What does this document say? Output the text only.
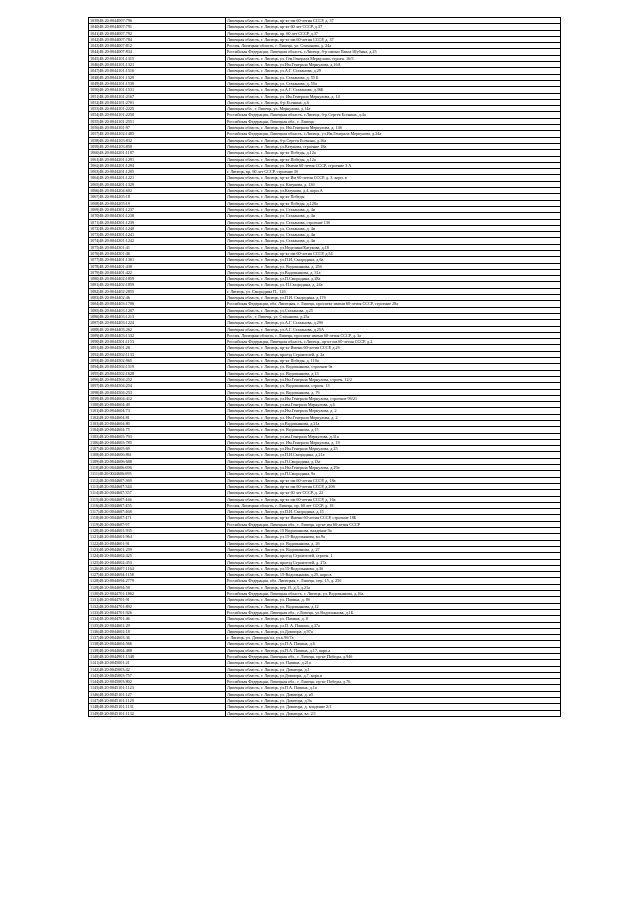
1039|48:20:0044007:796	Липецкая область, г. Липецк, пр-кт им 60-летия СССР, д. 37
1040|48:20:0044007:791	Липецкая область, г. Липецк, пр-кт 60 лет СССР, д.37
1041|48:20:0044007:792	Липецкая область, г. Липецк, пр. 60 лет СССР, д.37
1042|48:20:0044007:784	Липецкая область, г. Липецк, пр-кт им 60-летия СССР, д. 37
1043|48:20:0044007:812	Россия, Липецкая область, г. Липецк, ул. Стаханова, д. 24а
1044|48:20:0044007:834	Российская Федерация, Липецкая область, г.Липецк, б-р имени Павла Шубина, д.25
1045|48:20:0044101:1315	Липецкая область, г. Липецк, ул. Ген.Генерала Меркулова, строен. 16/5
1046|48:20:0044101:1321	Липецкая область, г. Липецк, ул.Им.Генерала Меркулова, д.16А
1047|48:20:0044101:1516	Липецкая область, г. Липецк, ул.А.Г. Стаханова, д.29
1048|48:20:0044101:1529	Липецкая область, г. Липецк, ул. Стаханова, д. 55 Б
1049|48:20:0044101:1530	Липецкая область, г. Липецк, ул. Стаханова, д. 55а
1050|48:20:0044101:1531	Липецкая область, г. Липецк, ул.А.Г. Стаханова, д.36Б
1051|48:20:0044101:2167	Липецкая область, г. Липецк, ул. Им.Генерала Меркулова, д. 14
1052|48:20:0044101:2701	Липецкая область, г. Липецк, б-р Есенина, д.6
1053|48:20:0044101:2225	Липецкая обл., г. Липецк, ул. Меркулова, д.14а
1054|48:20:0044101:2250	Российская Федерация, Липецкая область, г.Липецк, б-р Сергея Есенина, д.4а
1055|48:20:0044101:2551	Российская Федерация, Липецкая обл., г. Липецк
1056|48:20:0044101:97	Липецкая область, г. Липецк, ул. Им.Генерала Меркулова, д. 14б
1057|48:20:0044102:1485	Российская Федерация, Липецкая область, г.Липецк, ул.Им.Генерала Меркулова, д.24а
1058|48:20:0044103:832	Липецкая область, г. Липецк, б-р Сергея Есенина, д.16а
1059|48:20:0044103:850	Липецкая область, г. Липецк, ул.Катукова, строение 18а
1060|48:20:0044201:1187	Липецкая область, г. Липецк, пр-кт Победы, д.12а
1061|48:20:0044201:1291	Липецкая область, г. Липецк, пр-кт Победы, д.12а
1062|48:20:0044201:1294	Липецкая область, г. Липецк, ул. Имени 60-летия СССР, строение 3 А
1063|48:20:0044201:1205	г. Липецк, пр. 60 лет СССР, строение 3б
1064|48:20:0044201:1221	Липецкая область, г. Липецк, пр-кт Им 60-летия СССР, д. 3, корп. в
1065|48:20:0044201:1329	Липецкая область, г. Липецк, ул. Катукова, д. 13б
1066|48:20:0044204:602	Липецкая область, г. Липецк, ул.Катукова, д.4, корп.А
1067|48:20:0044205:18	Липецкая область, г. Липецк, пр-кт Победы
1068|48:20:0044205:19	Липецкая область, г. Липецк, пр-кт Победы, д.128а
1069|48:20:0044301:1237	Липецкая область, г. Липецк, ул. Стаханова, д. 4и
1070|48:20:0044301:1238	Липецкая область, г. Липецк, ул. Стаханова, д. 4и
1071|48:20:0044301:1239	Липецкая область, г. Липецк, ул. Стаханова, строение 13б
1072|48:20:0044301:1240	Липецкая область, г. Липецк, ул. Стаханова, д. 4и
1073|48:20:0044301:1241	Липецкая область, г. Липецк, ул. Стаханова, д. 4и
1074|48:20:0044301:1242	Липецкая область, г. Липецк, ул. Стаханова, д. 4и
1075|48:20:0044301:41	Липецкая область, г. Липецк, ул.Неделина/Катукова, д.18
1076|48:20:0044301:46	Липецкая область, г. Липецк, пр-кт им 60-летия СССР, д.54
1077|48:20:0044401:1301	Липецкая область, г. Липецк, ул.П.И. Смородина, д.6а
1078|48:20:0044401:438	Липецкая область, г. Липецк, ул. Водопьянова, д. 25б
1079|48:20:0044401:422	Липецкая область, г. Липецк, ул.Водопьянова, д. 31а
1080|48:20:0044402:1859	Липецкая область, г. Липецк, ул.П.Смородина, д.28а
1081|48:20:0044402:1859	Липецкая область, г. Липецк, ул. П.Смородина, д. 24а
1082|48:20:0044402:2855	г. Липецк, ул. Смородина П., 12б
1083|48:20:0044402:46	Липецкая область, г. Липецк, ул.П.И. Смородина, д.17б
1084|48:20:0044403:1706	Российская Федерация, обл. Липецкая, г. Липецк, проспект имени 60-летия СССР, строение 28а
1085|48:20:0044403:1207	Липецкая область, г. Липецк, ул.Стаханова, д.25
1086|48:20:0044403:1213	Липецкая обл., г. Липецк, ул. Стаханова, д.25а
1087|48:20:0044403:1224	Липецкая область, г. Липецк, ул.А.Г. Стаханова, д.29б
1088|48:20:0044403:262	Липецкая область, г. Липецк, ул.А.Г. Стаханова, д.25А
1089|48:20:0044403:1332	Россия, Липецкая область, г. Липецк, проспект имени 60-летия СССР, д. 3а
1090|48:20:0044501:1153	Российская Федерация, Липецкая область, г.Липецк, пр-кт им.60-летия СССР, д.2
1091|48:20:0044501:26	Липецкая область, г. Липецк, пр-кт Имени 60-летия СССР, д.2б
1092|48:20:0044502:1133	Липецкая область, г. Липецк, проезд Строителей, д. 2а
1093|48:20:0044502:965	Липецкая область, г. Липецк, пр-кт Победы, д. 110а
1094|48:20:0044502:1519	Липецкая область, г. Липецк, ул. Водопьянова, строение 9а
1095|48:20:0044502:1628	Липецкая область, г. Липецк, ул. Водопьянова, д.13
1096|48:20:0044504:252	Липецкая область, г. Липецк, ул.Им.Генерала Меркулова, строен. 12/2
1097|48:20:0044504:254	Липецкая область, г. Липецк, ул. Водопьянова, строен. 13
1098|48:20:0044504:253	Липецкая область, г. Липецк, ул. Водопьянова, д. 7б
1099|48:20:0044604:412	Липецкая область, г. Липецк, ул.Им Генерала Меркулова, строение 9б/21
1100|48:20:0044604:49	Липецкая область, г. Липецк, ул.им.Генерала Меркулова, д.6
1101|48:20:0044604:73	Липецкая область, г. Липецк, ул.Им.Генерала Меркулова, д. 2
1102|48:20:0044604:81	Липецкая область, г. Липецк, ул. Им.Генерала Меркулова, д. 2
1103|48:20:0044604:80	Липецкая область, г. Липецк, ул.Водопьянова, д.21а
1104|48:20:0044604:75	Липецкая область, г. Липецк, ул. Водопьянова, д.15
1105|48:20:0044605:793	Липецкая область, г. Липецк, ул.им.Генерала Меркулова, д.31а
1106|48:20:0044605:785	Липецкая область, г. Липецк, ул. Им.Генерала Меркулова, д. 19
1107|48:20:0044605:69	Липецкая область, г. Липецк, ул.Им.Генерала Меркулова, д.25
1108|48:20:0044606:861	Липецкая область, г. Липецк, ул.П.И.Смородина, д.21а
1109|48:20:0044606:688	Липецкая область, г. Липецк, ул.П.Смородина, д.13а
1110|48:20:0044606:696	Липецкая область, г. Липецк, ул.Им.Генерала Меркулова, д.29а
1111|48:20:0044606:695	Липецкая область, г. Липецк, ул.П.Смородина, 9а
1112|48:20:0044607:369	Липецкая область, г. Липецк, пр-кт им 60-летия СССР, д. 18а
1113|48:20:0044607:344	Липецкая область, г. Липецк, пр-кт им 60-летия СССР, д.20б
1114|48:20:0044607:357	Липецкая область, г. Липецк, пр-кт 60 лет СССР, д. 22
1115|48:20:0044607:446	Липецкая область, г. Липецк, пр-кт им 60-летия СССР, д. 16а
1116|48:20:0044607:455	Россия, Липецкая область, г. Липецк, пр. 60 лет СССР, д. 18
1117|48:20:0044607:468	Липецкая область, г. Липецк, ул.П.И. Смородина, д.15
1118|48:20:0044607:471	Липецкая область, г. Липецк, пр-кт Имени 60-летия СССР, строение 18Б
1119|48:20:0044607:97	Российская Федерация, Липецкая обл., г. Липецк, пр-кт им 60-летия СССР
1120|48:20:0044601:935	Липецкая область, г. Липецк, 15 Водопьянова, владение 9а
1121|48:20:0044601:964	Липецкая область, г. Липецк, ул.15-Водопьянова, вл.9а
1122|48:20:0044601:91	Липецкая область, г. Липецк, ул. Водопьянова, д. 2б
1123|48:20:0044601:259	Липецкая область, г. Липецк, ул. Водопьянова, д. 27
1124|48:20:0044602:425	Липецкая область, г. Липецк, проезд Строителей, строен. 1
1125|48:20:0044602:453	Липецкая область, г. Липецк, проезд Строителей, д. 27а
1126|48:20:0044607:1164	Липецкая область, г. Липецк, ул.15-Водопьянова, д.3б
1127|48:20:0044694:1158	Липецкая область, г. Липецк, 15-Водопьянова, д.25, корп.в
1128|48:20:0044694:2779	Российская Федерация, обл. Липецкая, г. Липецк, пер. 15, д. 25б
1129|48:20:0044694:58	Липецкая область, г. Липецк, пер.15, д.3, д.21а
1130|48:20:0044701:1862	Российская Федерация, Липецкая область, г. Липецк, ул. Водопьянова, д.16а
1131|48:20:0044701:91	Липецкая область, г. Липецк, ул. Папина, д. 8б
1132|48:20:0044701:892	Липецкая область, г. Липецк, ул. Водопьянова, д.12
1133|48:20:0044701:926	Российская Федерация, Липецкая обл., г.Липецк, ул.Водопьянова, д.1Б
1134|48:20:0044701:46	Липецкая область, г. Липецк, ул. Папина, д. 8
1135|48:20:0044601:29	Липецкая область, г. Липецк, ул.П. А. Папина, д.37а
1136|48:20:0044602:18	Липецкая область, г. Липецк, ул.Доватора, д.97а
1137|48:20:0044603:36	г. Липецк, ул. Доватора/пл. ул.к.9б/7а
1138|48:20:0044604:566	Липецкая область, г. Липецк, ул.П.А. Папина, д.6
1139|48:20:0044604:488	Липецкая область, г. Липецк, ул.П.А. Папина, д.17, корп.а
1140|48:20:0044901:1348	Российская Федерация, Липецкая обл., г. Липецк, пр-кт Победы, д.94б
1141|48:20:0045001:21	Липецкая область, г. Липецк, ул. Папина, д.21а
1142|48:20:0045003:42	Липецкая область, г. Липецк, ул. Доватора, д.1
1143|48:20:0045003:757	Липецкая область, г. Липецк, ул.Доватора, д.7, корп.в
1144|48:20:0045003:802	Российская Федерация, Липецкая обл., г. Липецк, пр-кт Победы, д.76
1145|48:20:0045101:1123	Липецкая область, г. Липецк, ул.П.А. Папина, д.1а
1146|48:20:0045101:127	Липецкая область, г. Липецк, ул. Доватора, д. и5
1147|48:20:0045101:1129	Липецкая область, г. Липецк, ул. Доватора, д.9а
1148|48:20:0045101:1131	Липецкая область, г. Липецк, ул. Доватора, д. владение 2/1
1149|48:20:0045101:1132	Липецкая область, г. Липецк, ул. Доватора, вл. 2/1
